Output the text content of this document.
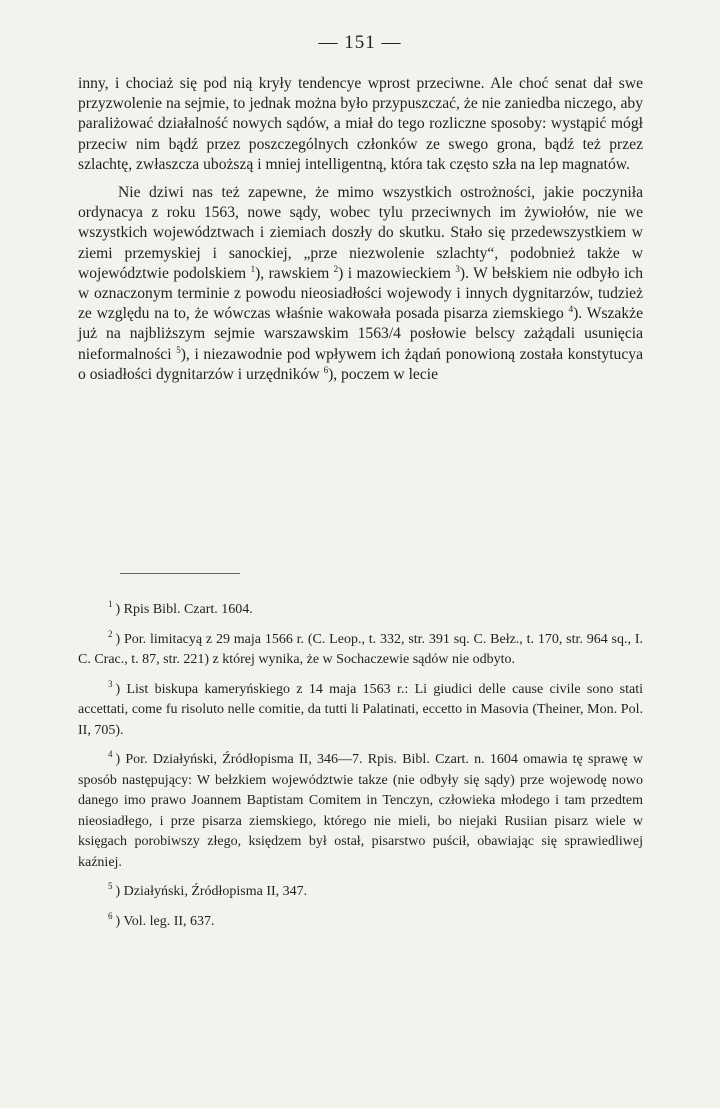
— 151 —

inny, i chociaż się pod nią kryły tendencye wprost przeciwne. Ale choć senat dał swe przyzwolenie na sejmie, to jednak można było przypuszczać, że nie zaniedba niczego, aby paraliżować działalność nowych sądów, a miał do tego rozliczne sposoby: wystąpić mógł przeciw nim bądź przez poszczególnych członków ze swego grona, bądź też przez szlachtę, zwłaszcza uboższą i mniej intelligentną, która tak często szła na lep magnatów.

Nie dziwi nas też zapewne, że mimo wszystkich ostrożności, jakie poczyniła ordynacya z roku 1563, nowe sądy, wobec tylu przeciwnych im żywiołów, nie we wszystkich województwach i ziemiach doszły do skutku. Stało się przedewszystkiem w ziemi przemyskiej i sanockiej, „prze niezwolenie szlachty“, podobnież także w województwie podolskiem $^1$), rawskiem $^2$) i mazowieckiem $^3$). W bełskiem nie odbyło ich w oznaczonym terminie z powodu nieosiadłości wojewody i innych dygnitarzów, tudzież ze względu na to, że wówczas właśnie wakowała posada pisarza ziemskiego $^4$). Wszakże już na najbliższym sejmie warszawskim 1563/4 posłowie belscy zażądali usunięcia nieformalności $^5$), i niezawodnie pod wpływem ich żądań ponowioną została konstytucya o osiadłości dygnitarzów i urzędników $^6$), poczem w lecie

$^1$ ) Rpis Bibl. Czart. 1604.

$^2$ ) Por. limitacyą z 29 maja 1566 r. (C. Leop., t. 332, str. 391 sq. C. Bełz., t. 170, str. 964 sq., I. C. Crac., t. 87, str. 221) z której wynika, że w Sochaczewie sądów nie odbyto.

$^3$ ) List biskupa kameryńskiego z 14 maja 1563 r.: Li giudici delle cause civile sono stati accettati, come fu risoluto nelle comitie, da tutti li Palatinati, eccetto in Masovia (Theiner, Mon. Pol. II, 705).

$^4$ ) Por. Działyński, Źródłopisma II, 346—7. Rpis. Bibl. Czart. n. 1604 omawia tę sprawę w sposób następujący: W bełzkiem województwie takze (nie odbyły się sądy) prze wojewodę nowo danego imo prawo Joannem Baptistam Comitem in Tenczyn, człowieka młodego i tam przedtem nieosiadłego, i prze pisarza ziemskiego, którego nie mieli, bo niejaki Rusiian pisarz wiele w księgach porobiwszy złego, księdzem był ostał, pisarstwo puścił, obawiając się sprawiedliwej kaźniej.

$^5$ ) Działyński, Źródłopisma II, 347.

$^6$ ) Vol. leg. II, 637.
